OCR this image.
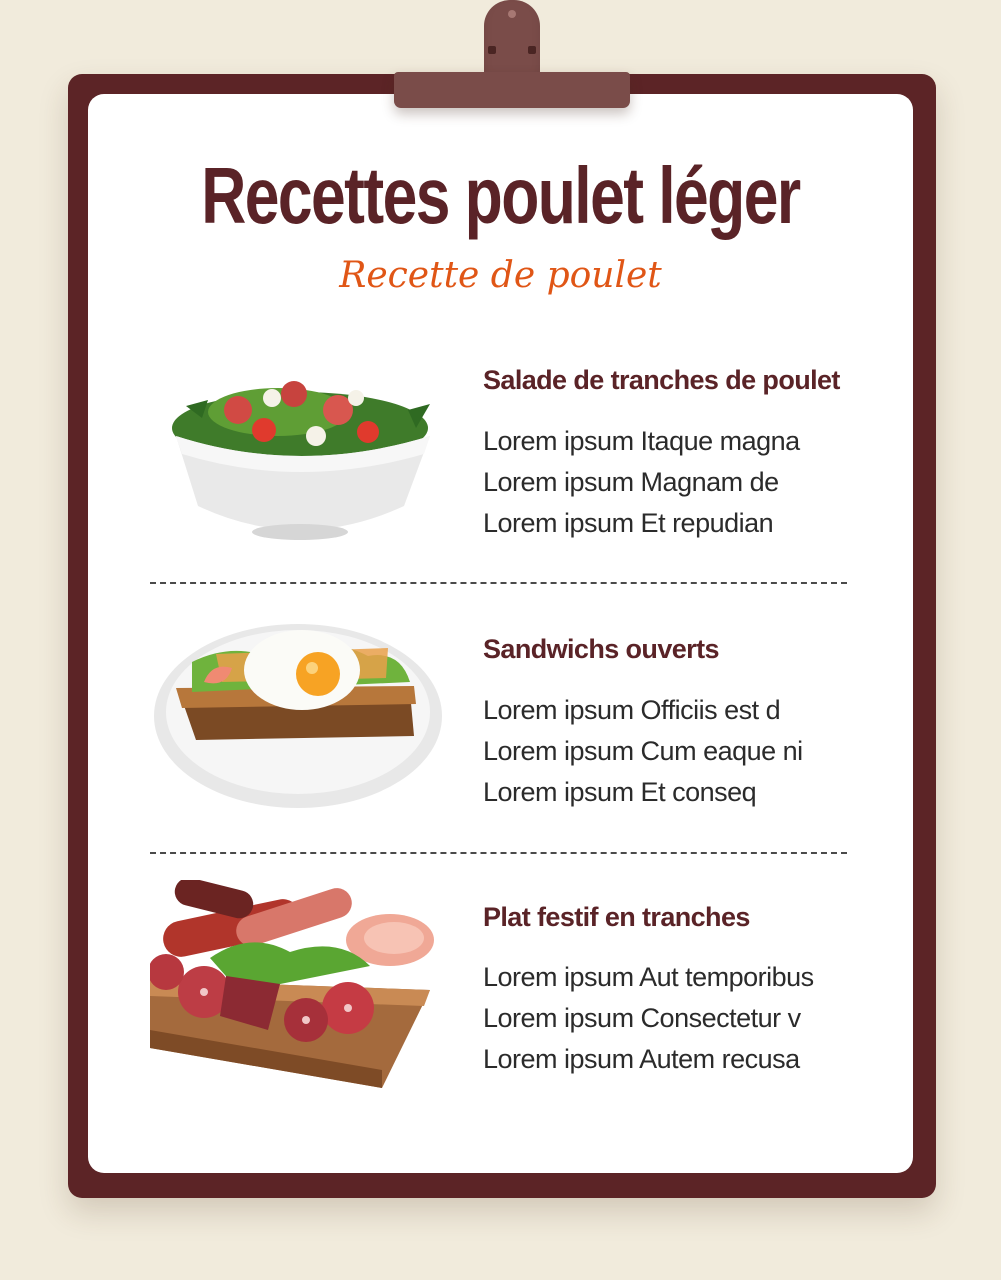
Recettes poulet léger
Recette de poulet
Salade de tranches de poulet
Lorem ipsum Itaque magna
Lorem ipsum Magnam de
Lorem ipsum Et repudian
Sandwichs ouverts
Lorem ipsum Officiis est d
Lorem ipsum Cum eaque ni
Lorem ipsum Et conseq
Plat festif en tranches
Lorem ipsum Aut temporibus
Lorem ipsum Consectetur v
Lorem ipsum Autem recusa
